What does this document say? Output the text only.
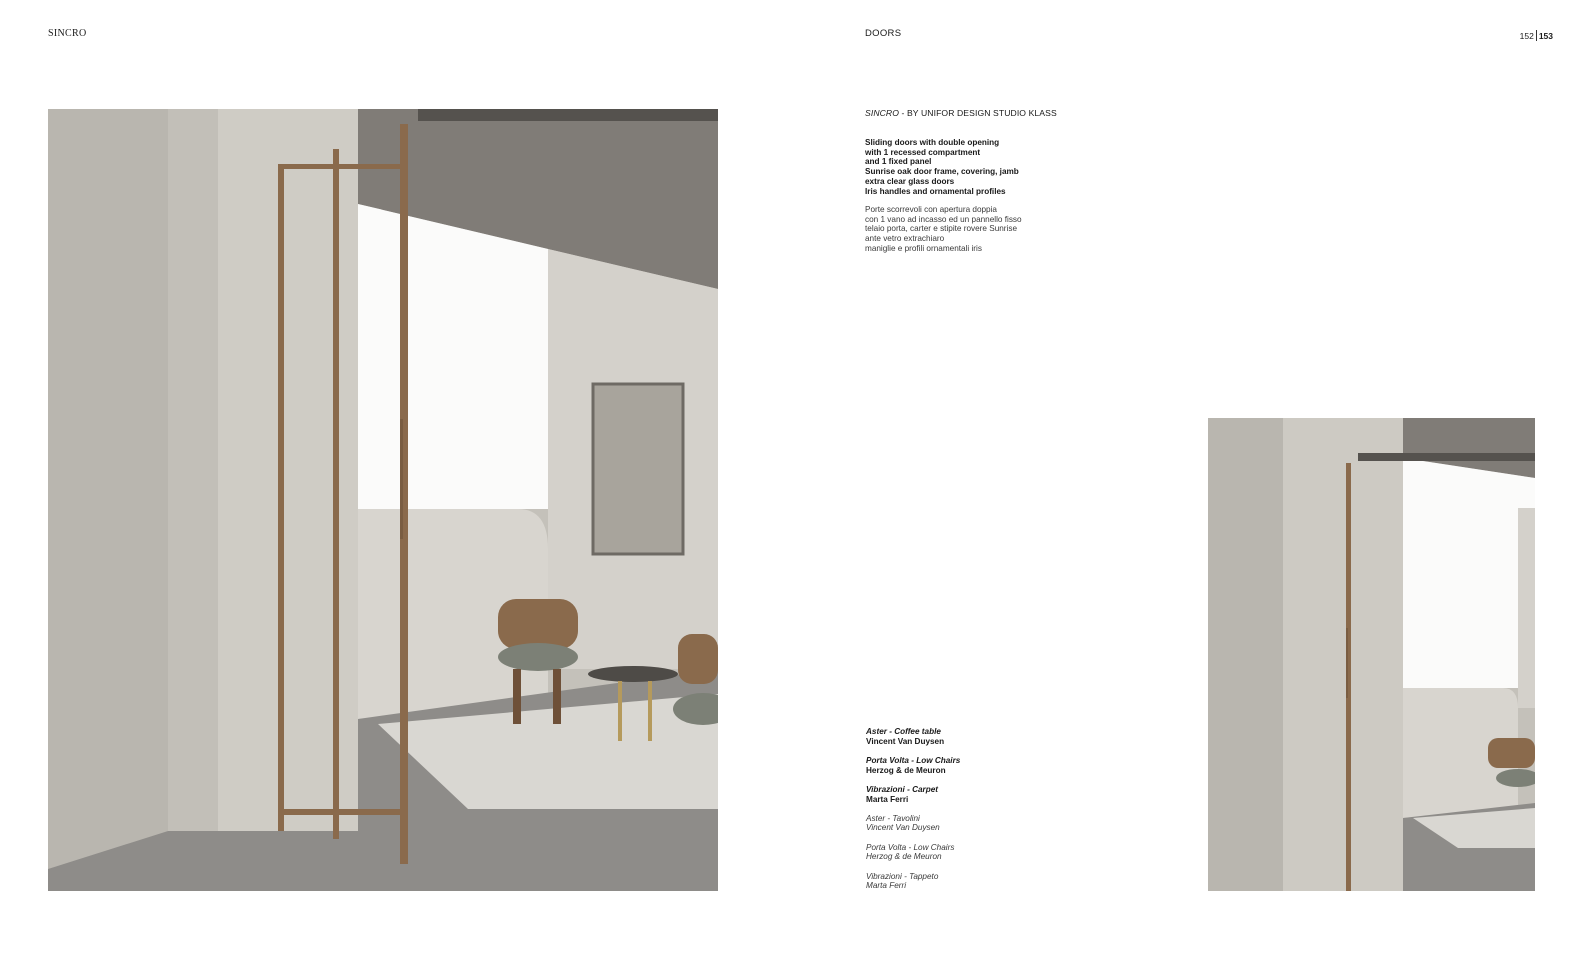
SINCRO	DOORS	152 153
SINCRO - BY UNIFOR DESIGN STUDIO KLASS
Sliding doors with double opening
with 1 recessed compartment
and 1 fixed panel
Sunrise oak door frame, covering, jamb
extra clear glass doors
Iris handles and ornamental profiles
Porte scorrevoli con apertura doppia
con 1 vano ad incasso ed un pannello fisso
telaio porta, carter e stipite rovere Sunrise
ante vetro extrachiaro
maniglie e profili ornamentali iris
Aster - Coffee table
Vincent Van Duysen
Porta Volta - Low Chairs
Herzog & de Meuron
Vibrazioni - Carpet
Marta Ferri
Aster - Tavolini
Vincent Van Duysen
Porta Volta - Low Chairs
Herzog & de Meuron
Vibrazioni - Tappeto
Marta Ferri
